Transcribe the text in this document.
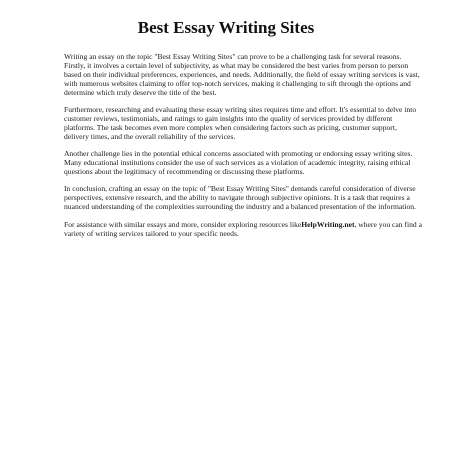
Best Essay Writing Sites

Writing an essay on the topic "Best Essay Writing Sites" can prove to be a challenging task for several reasons. Firstly, it involves a certain level of subjectivity, as what may be considered the best varies from person to person based on their individual preferences, experiences, and needs. Additionally, the field of essay writing services is vast, with numerous websites claiming to offer top-notch services, making it challenging to sift through the options and determine which truly deserve the title of the best.

Furthermore, researching and evaluating these essay writing sites requires time and effort. It's essential to delve into customer reviews, testimonials, and ratings to gain insights into the quality of services provided by different platforms. The task becomes even more complex when considering factors such as pricing, customer support, delivery times, and the overall reliability of the services.

Another challenge lies in the potential ethical concerns associated with promoting or endorsing essay writing sites. Many educational institutions consider the use of such services as a violation of academic integrity, raising ethical questions about the legitimacy of recommending or discussing these platforms.

In conclusion, crafting an essay on the topic of "Best Essay Writing Sites" demands careful consideration of diverse perspectives, extensive research, and the ability to navigate through subjective opinions. It is a task that requires a nuanced understanding of the complexities surrounding the industry and a balanced presentation of the information.

For assistance with similar essays and more, consider exploring resources likeHelpWriting.net, where you can find a variety of writing services tailored to your specific needs.
